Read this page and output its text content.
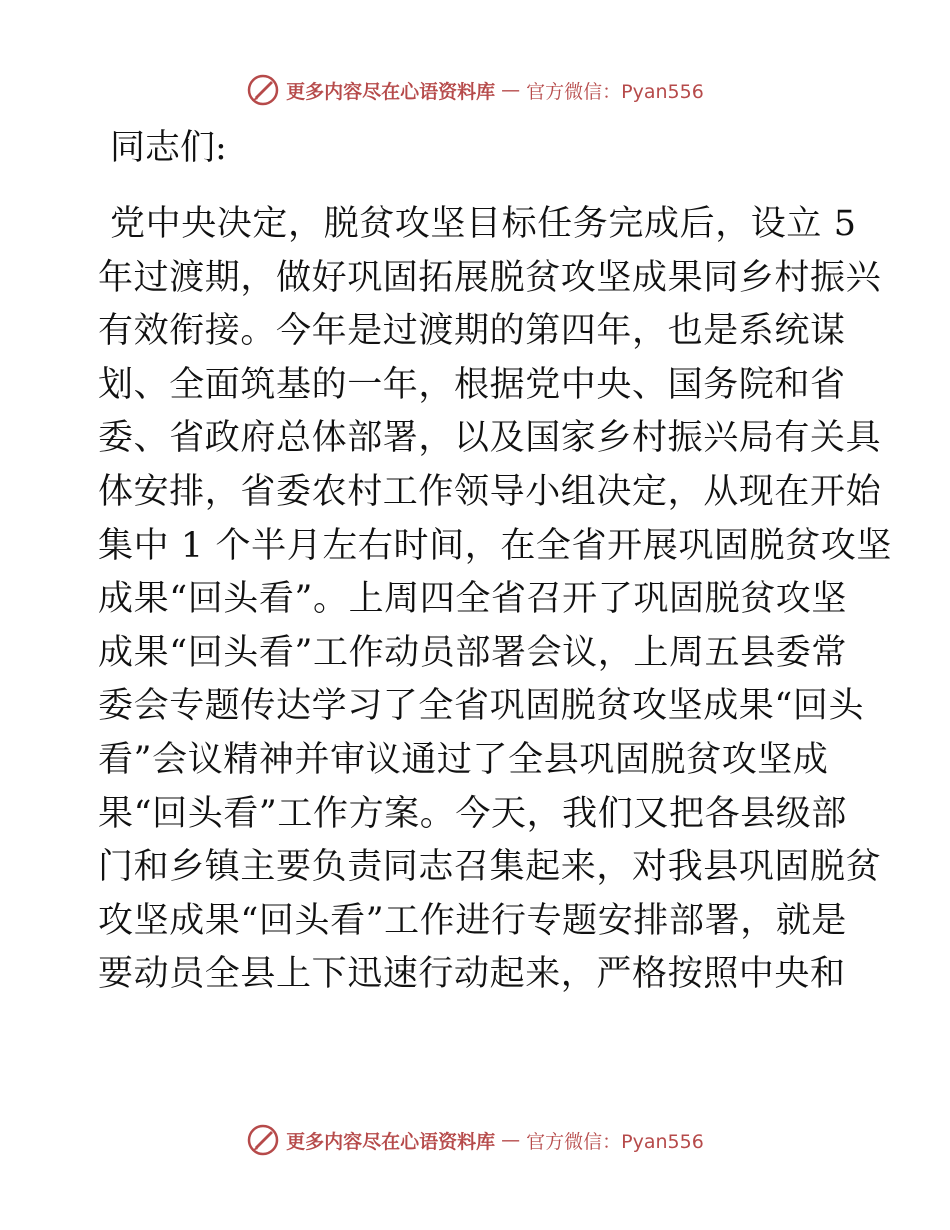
更多内容尽在心语资料库 — 官方微信：Pyan556
同志们:
党中央决定，脱贫攻坚目标任务完成后，设立 5
年过渡期，做好巩固拓展脱贫攻坚成果同乡村振兴
有效衔接。今年是过渡期的第四年，也是系统谋
划、全面筑基的一年，根据党中央、国务院和省
委、省政府总体部署，以及国家乡村振兴局有关具
体安排，省委农村工作领导小组决定，从现在开始
集中 1 个半月左右时间，在全省开展巩固脱贫攻坚
成果“回头看”。上周四全省召开了巩固脱贫攻坚
成果“回头看”工作动员部署会议，上周五县委常
委会专题传达学习了全省巩固脱贫攻坚成果“回头
看”会议精神并审议通过了全县巩固脱贫攻坚成
果“回头看”工作方案。今天，我们又把各县级部
门和乡镇主要负责同志召集起来，对我县巩固脱贫
攻坚成果“回头看”工作进行专题安排部署，就是
要动员全县上下迅速行动起来，严格按照中央和
更多内容尽在心语资料库 — 官方微信：Pyan556
